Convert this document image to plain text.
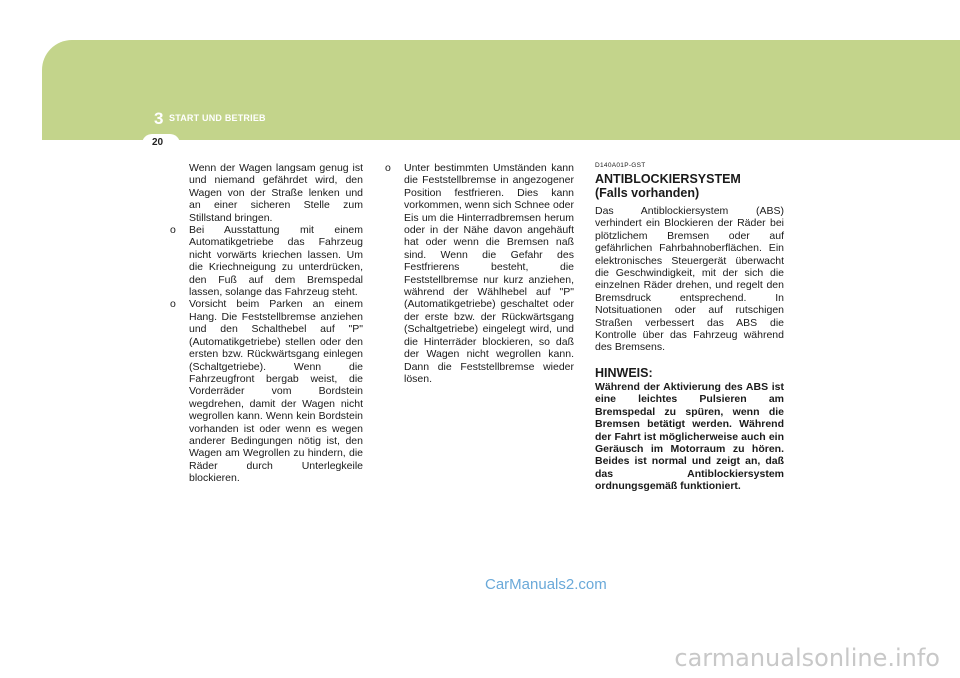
3 START UND BETRIEB
20

Wenn der Wagen langsam genug ist und niemand gefährdet wird, den Wagen von der Straße lenken und an einer sicheren Stelle zum Stillstand bringen.

o	Bei Ausstattung mit einem Automatikgetriebe das Fahrzeug nicht vorwärts kriechen lassen. Um die Kriechneigung zu unterdrücken, den Fuß auf dem Bremspedal lassen, solange das Fahrzeug steht.
o	Vorsicht beim Parken an einem Hang. Die Feststellbremse anziehen und den Schalthebel auf "P" (Automatikgetriebe) stellen oder den ersten bzw. Rückwärtsgang einlegen (Schaltgetriebe). Wenn die Fahrzeugfront bergab weist, die Vorderräder vom Bordstein wegdrehen, damit der Wagen nicht wegrollen kann. Wenn kein Bordstein vorhanden ist oder wenn es wegen anderer Bedingungen nötig ist, den Wagen am Wegrollen zu hindern, die Räder durch Unterlegkeile blockieren.
o	Unter bestimmten Umständen kann die Feststellbremse in angezogener Position festfrieren. Dies kann vorkommen, wenn sich Schnee oder Eis um die Hinterradbremsen herum oder in der Nähe davon angehäuft hat oder wenn die Bremsen naß sind. Wenn die Gefahr des Festfrierens besteht, die Feststellbremse nur kurz anziehen, während der Wählhebel auf "P" (Automatikgetriebe) geschaltet oder der erste bzw. der Rückwärtsgang (Schaltgetriebe) eingelegt wird, und die Hinterräder blockieren, so daß der Wagen nicht wegrollen kann. Dann die Feststellbremse wieder lösen.

D140A01P-GST

ANTIBLOCKIERSYSTEM
(Falls vorhanden)

Das Antiblockiersystem (ABS) verhindert ein Blockieren der Räder bei plötzlichem Bremsen oder auf gefährlichen Fahrbahnoberflächen. Ein elektronisches Steuergerät überwacht die Geschwindigkeit, mit der sich die einzelnen Räder drehen, und regelt den Bremsdruck entsprechend. In Notsituationen oder auf rutschigen Straßen verbessert das ABS die Kontrolle über das Fahrzeug während des Bremsens.

HINWEIS:

Während der Aktivierung des ABS ist eine leichtes Pulsieren am Bremspedal zu spüren, wenn die Bremsen betätigt werden. Während der Fahrt ist möglicherweise auch ein Geräusch im Motorraum zu hören. Beides ist normal und zeigt an, daß das Antiblockiersystem ordnungsgemäß funktioniert.

CarManuals2.com
carmanualsonline.info
